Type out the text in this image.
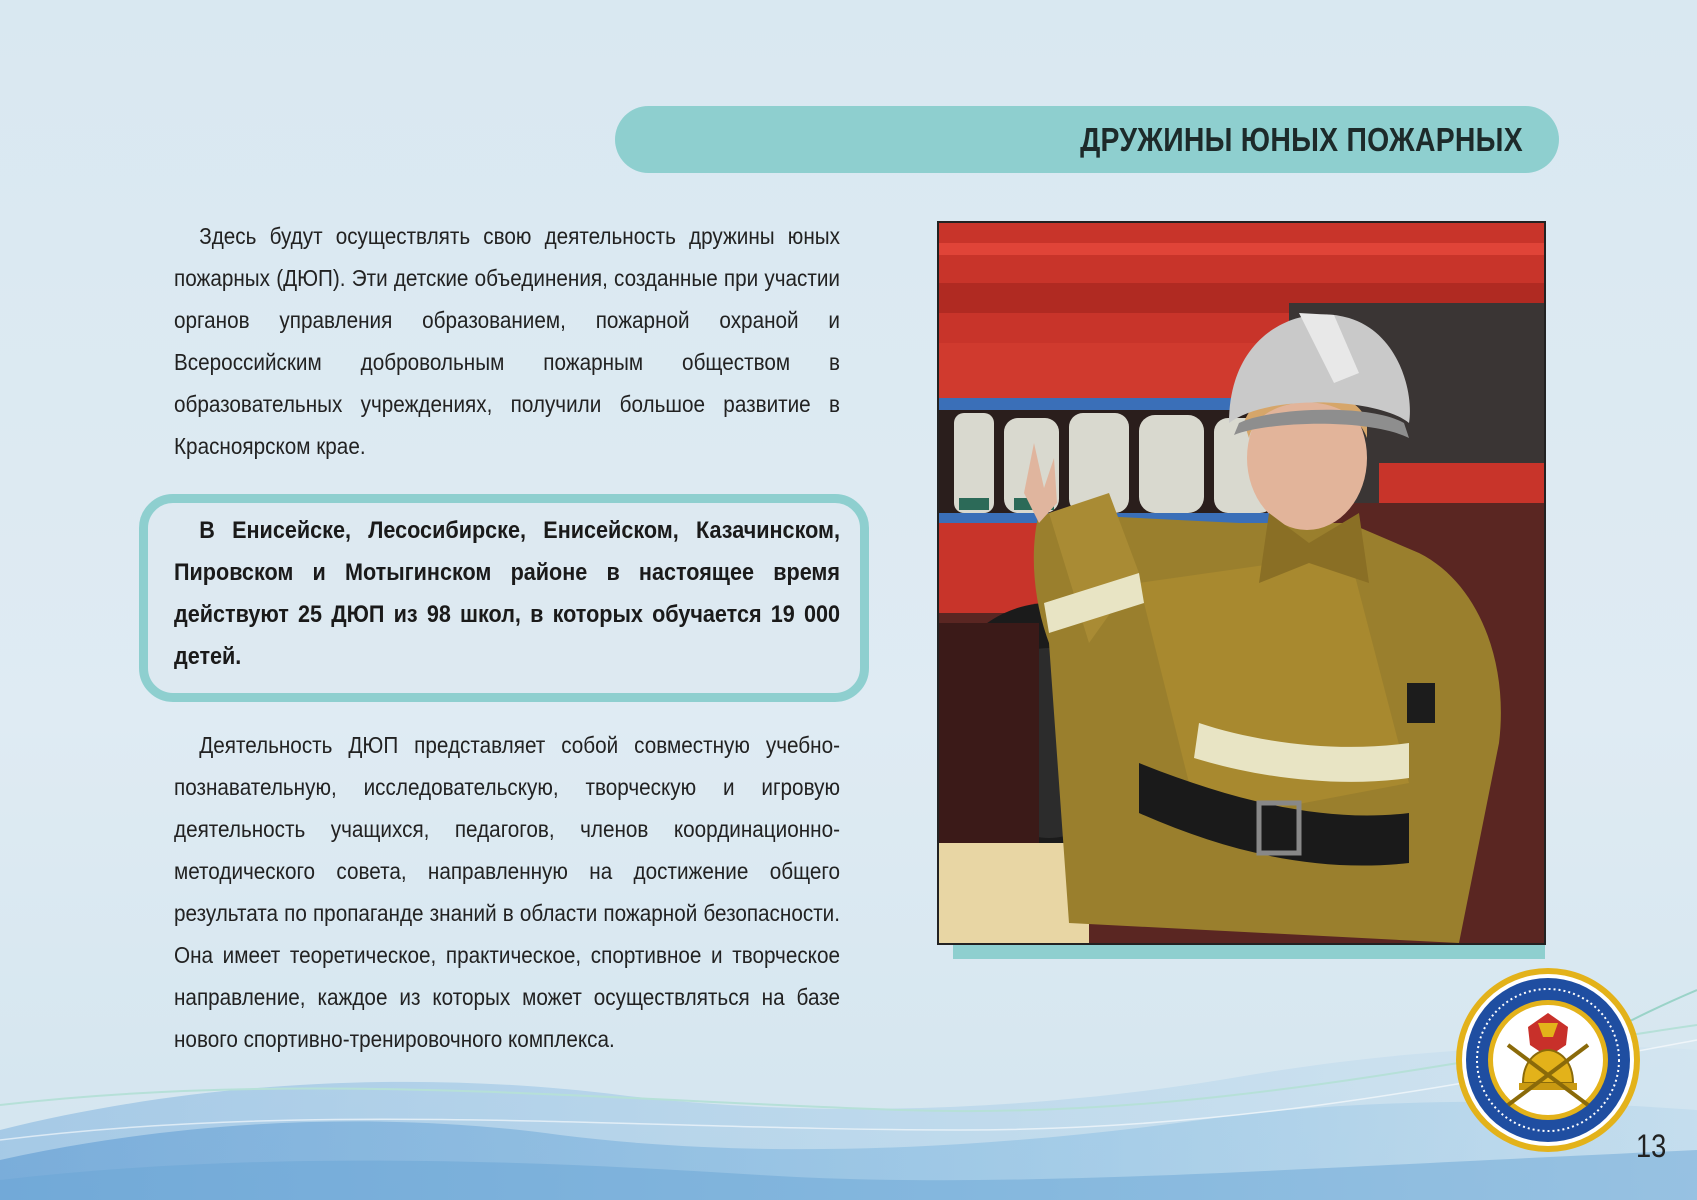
ДРУЖИНЫ ЮНЫХ ПОЖАРНЫХ
Здесь будут осуществлять свою деятельность дружины юных пожарных (ДЮП). Эти детские объединения, созданные при участии органов управления образованием, пожарной охраной и Всероссийским добровольным пожарным обществом в образовательных учреждениях, получили большое развитие в Красноярском крае.
В Енисейске, Лесосибирске, Енисейском, Казачинском, Пировском и Мотыгинском районе в настоящее время действуют 25 ДЮП из 98 школ, в которых обучается 19 000 детей.
Деятельность ДЮП представляет собой совместную учебно-познавательную, исследовательскую, творческую и игровую деятельность учащихся, педагогов, членов координационно-методического совета, направленную на достижение общего результата по пропаганде знаний в области пожарной безопасности. Она имеет теоретическое, практическое, спортивное и творческое направление, каждое из которых может осуществляться на базе нового спортивно-тренировочного комплекса.
13
